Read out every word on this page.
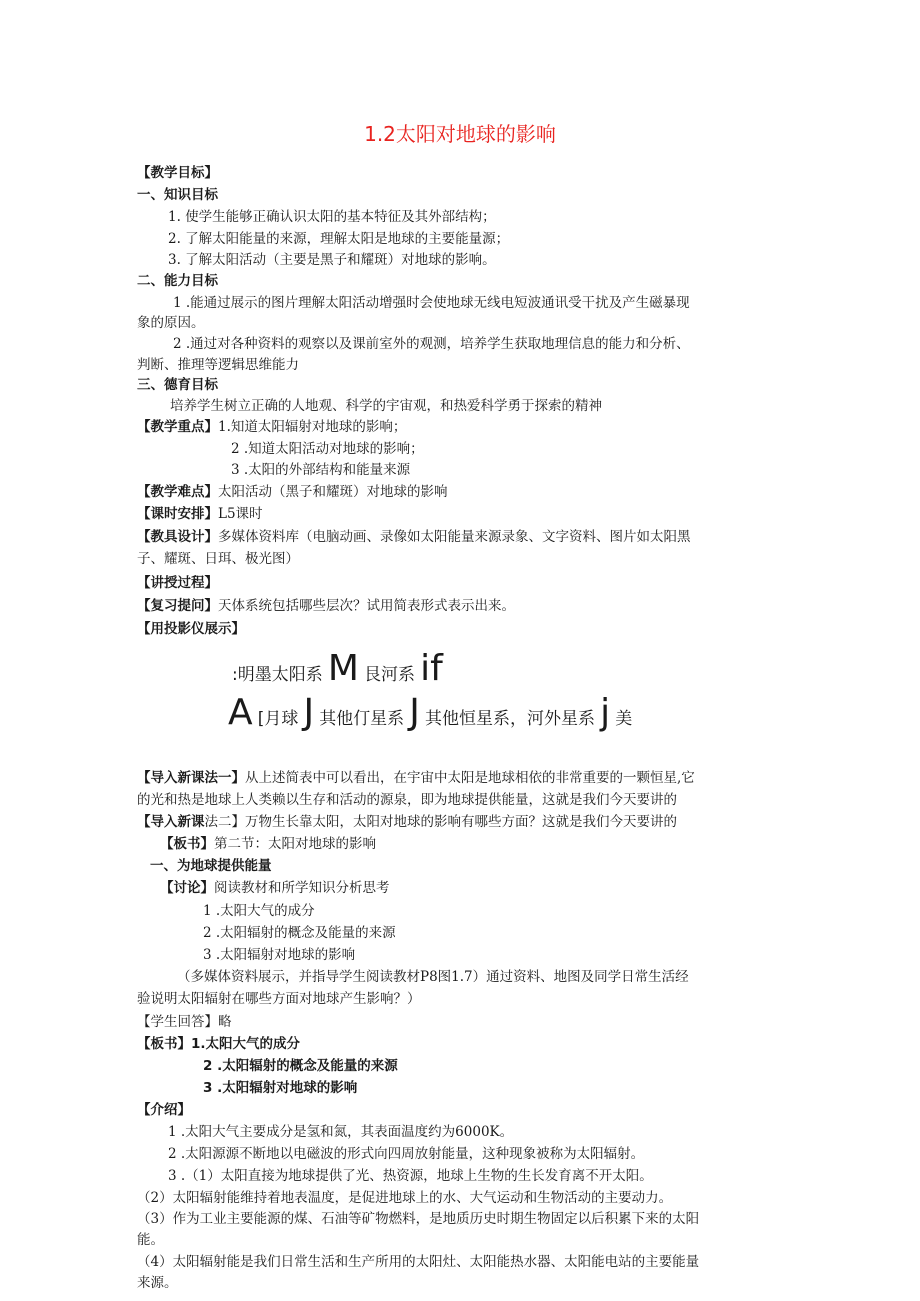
1.2太阳对地球的影响
【教学目标】
一、知识目标
1. 使学生能够正确认识太阳的基本特征及其外部结构；
2. 了解太阳能量的来源，理解太阳是地球的主要能量源；
3. 了解太阳活动（主要是黑子和耀斑）对地球的影响。
二、能力目标
1 .能通过展示的图片理解太阳活动增强时会使地球无线电短波通讯受干扰及产生磁暴现
象的原因。
2 .通过对各种资料的观察以及课前室外的观测，培养学生获取地理信息的能力和分析、
判断、推理等逻辑思维能力
三、德育目标
培养学生树立正确的人地观、科学的宇宙观，和热爱科学勇于探索的精神
【教学重点】1.知道太阳辐射对地球的影响；
2 .知道太阳活动对地球的影响；
3 .太阳的外部结构和能量来源
【教学难点】太阳活动（黑子和耀斑）对地球的影响
【课时安排】L5课时
【教具设计】多媒体资料库（电脑动画、录像如太阳能量来源录象、文字资料、图片如太阳黑
子、耀斑、日珥、极光图）
【讲授过程】
【复习提问】天体系统包括哪些层次？试用简表形式表示出来。
【用投影仪展示】
:明墨太阳系 M 艮河系 if
A [月球 J 其他仃星系 J 其他恒星系，河外星系 j 美
【导入新课法一】从上述简表中可以看出，在宇宙中太阳是地球相依的非常重要的一颗恒星,它
的光和热是地球上人类赖以生存和活动的源泉，即为地球提供能量，这就是我们今天要讲的
【导入新课法二】万物生长靠太阳，太阳对地球的影响有哪些方面？这就是我们今天要讲的
【板书】第二节：太阳对地球的影响
一、为地球提供能量
【讨论】阅读教材和所学知识分析思考
1 .太阳大气的成分
2 .太阳辐射的概念及能量的来源
3 .太阳辐射对地球的影响
（多媒体资料展示，并指导学生阅读教材P8图1.7）通过资料、地图及同学日常生活经
验说明太阳辐射在哪些方面对地球产生影响？）
【学生回答】略
【板书】1.太阳大气的成分
2 .太阳辐射的概念及能量的来源
3 .太阳辐射对地球的影响
【介绍】
1 .太阳大气主要成分是氢和氮，其表面温度约为6000K。
2 .太阳源源不断地以电磁波的形式向四周放射能量，这种现象被称为太阳辐射。
3 .（1）太阳直接为地球提供了光、热资源，地球上生物的生长发育离不开太阳。
（2）太阳辐射能维持着地表温度，是促进地球上的水、大气运动和生物活动的主要动力。
（3）作为工业主要能源的煤、石油等矿物燃料，是地质历史时期生物固定以后积累下来的太阳
能。
（4）太阳辐射能是我们日常生活和生产所用的太阳灶、太阳能热水器、太阳能电站的主要能量
来源。
